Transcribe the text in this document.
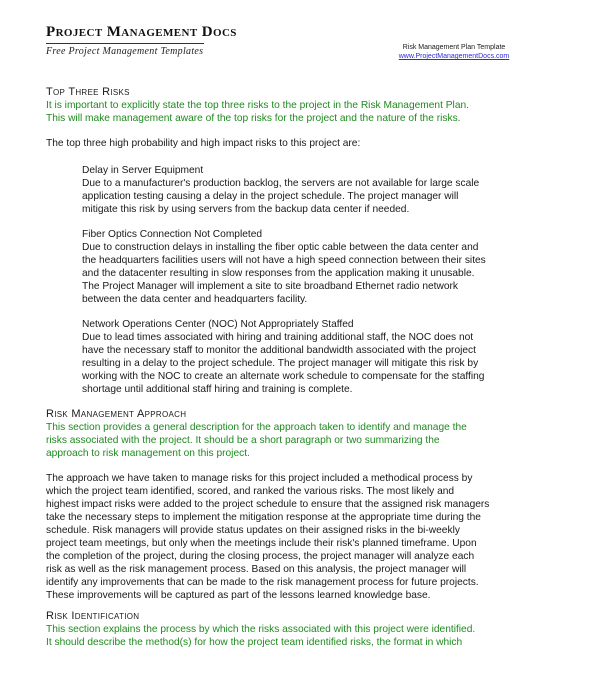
Project Management Docs
Free Project Management Templates	Risk Management Plan Template
www.ProjectManagementDocs.com
Top Three Risks
It is important to explicitly state the top three risks to the project in the Risk Management Plan.
This will make management aware of the top risks for the project and the nature of the risks.
The top three high probability and high impact risks to this project are:
Delay in Server Equipment
Due to a manufacturer's production backlog, the servers are not available for large scale
application testing causing a delay in the project schedule. The project manager will
mitigate this risk by using servers from the backup data center if needed.
Fiber Optics Connection Not Completed
Due to construction delays in installing the fiber optic cable between the data center and
the headquarters facilities users will not have a high speed connection between their sites
and the datacenter resulting in slow responses from the application making it unusable.
The Project Manager will implement a site to site broadband Ethernet radio network
between the data center and headquarters facility.
Network Operations Center (NOC) Not Appropriately Staffed
Due to lead times associated with hiring and training additional staff, the NOC does not
have the necessary staff to monitor the additional bandwidth associated with the project
resulting in a delay to the project schedule. The project manager will mitigate this risk by
working with the NOC to create an alternate work schedule to compensate for the staffing
shortage until additional staff hiring and training is complete.
Risk Management Approach
This section provides a general description for the approach taken to identify and manage the
risks associated with the project. It should be a short paragraph or two summarizing the
approach to risk management on this project.
The approach we have taken to manage risks for this project included a methodical process by
which the project team identified, scored, and ranked the various risks. The most likely and
highest impact risks were added to the project schedule to ensure that the assigned risk managers
take the necessary steps to implement the mitigation response at the appropriate time during the
schedule. Risk managers will provide status updates on their assigned risks in the bi-weekly
project team meetings, but only when the meetings include their risk's planned timeframe. Upon
the completion of the project, during the closing process, the project manager will analyze each
risk as well as the risk management process. Based on this analysis, the project manager will
identify any improvements that can be made to the risk management process for future projects.
These improvements will be captured as part of the lessons learned knowledge base.
Risk Identification
This section explains the process by which the risks associated with this project were identified.
It should describe the method(s) for how the project team identified risks, the format in which
